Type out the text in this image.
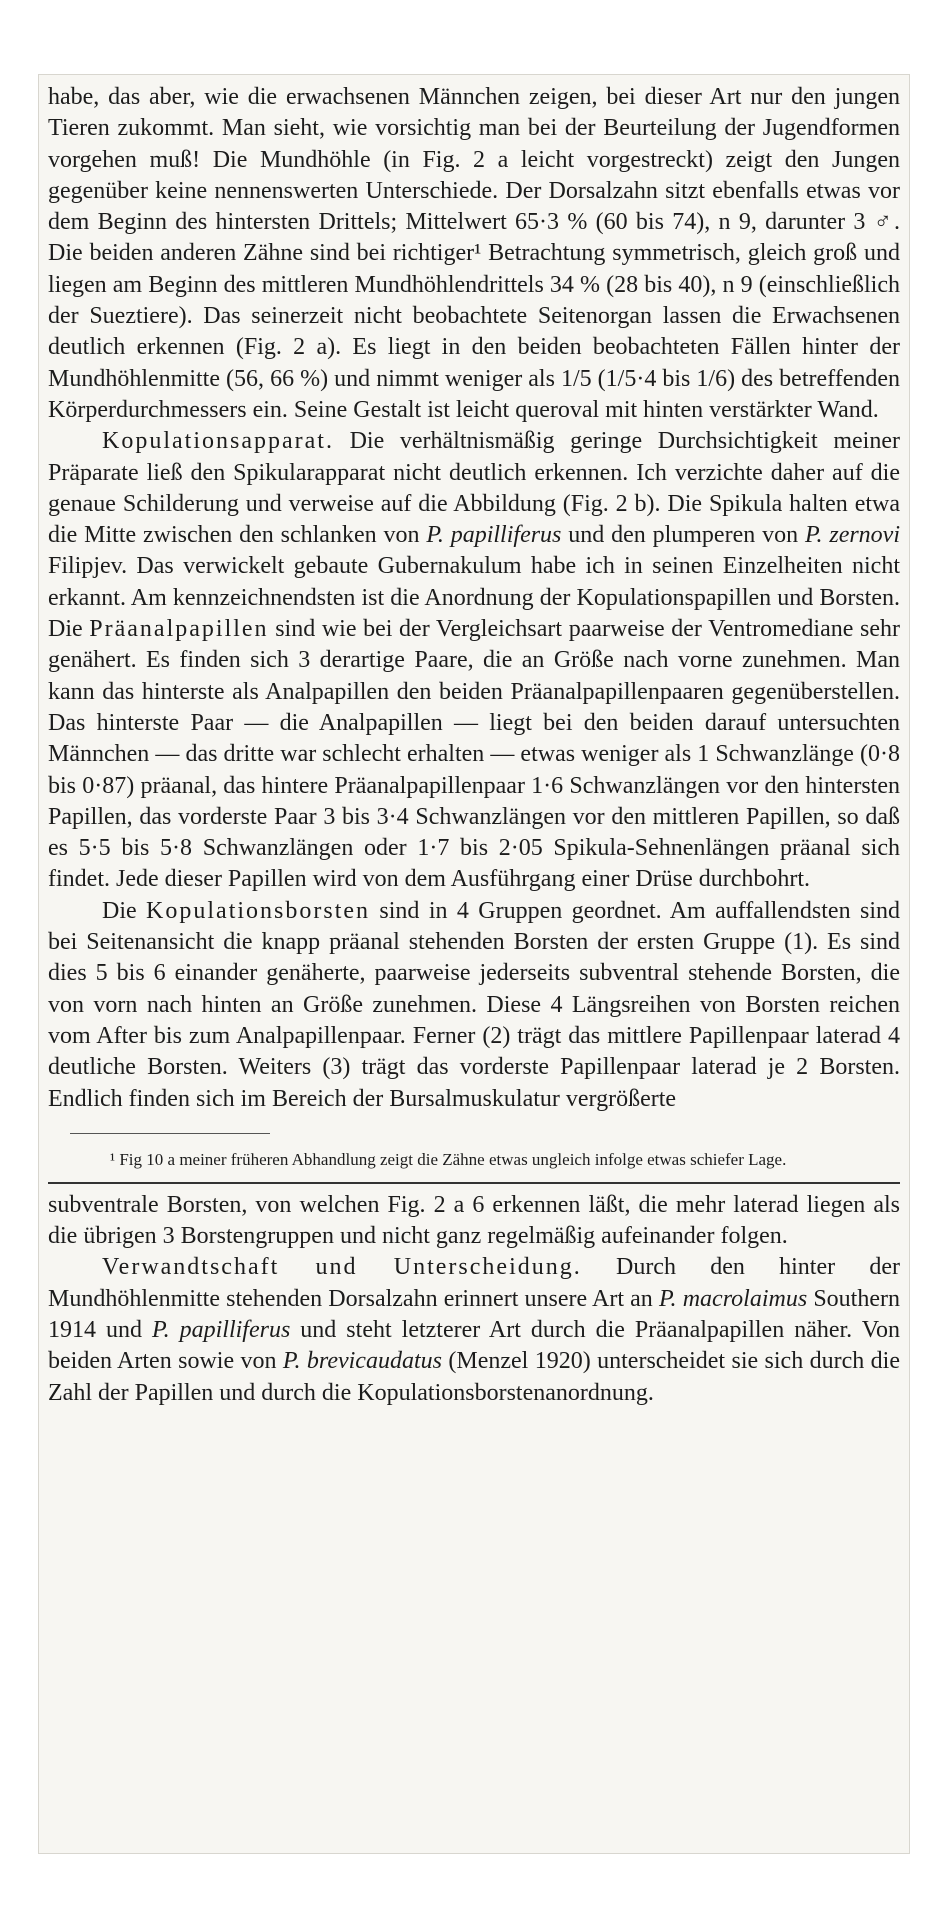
habe, das aber, wie die erwachsenen Männchen zeigen, bei dieser Art nur den jungen Tieren zukommt. Man sieht, wie vorsichtig man bei der Beurteilung der Jugendformen vorgehen muß! Die Mundhöhle (in Fig. 2 a leicht vorgestreckt) zeigt den Jungen gegenüber keine nennenswerten Unterschiede. Der Dorsalzahn sitzt ebenfalls etwas vor dem Beginn des hintersten Drittels; Mittelwert 65·3 % (60 bis 74), n 9, darunter 3 ♂. Die beiden anderen Zähne sind bei richtiger¹ Betrachtung symmetrisch, gleich groß und liegen am Beginn des mittleren Mundhöhlendrittels 34 % (28 bis 40), n 9 (einschließlich der Sueztiere). Das seinerzeit nicht beobachtete Seitenorgan lassen die Erwachsenen deutlich erkennen (Fig. 2 a). Es liegt in den beiden beobachteten Fällen hinter der Mundhöhlenmitte (56, 66 %) und nimmt weniger als 1/5 (1/5·4 bis 1/6) des betreffenden Körperdurchmessers ein. Seine Gestalt ist leicht queroval mit hinten verstärkter Wand.

Kopulationsapparat. Die verhältnismäßig geringe Durchsichtigkeit meiner Präparate ließ den Spikularapparat nicht deutlich erkennen. Ich verzichte daher auf die genaue Schilderung und verweise auf die Abbildung (Fig. 2 b). Die Spikula halten etwa die Mitte zwischen den schlanken von P. papilliferus und den plumperen von P. zernovi Filipjev. Das verwickelt gebaute Gubernakulum habe ich in seinen Einzelheiten nicht erkannt. Am kennzeichnendsten ist die Anordnung der Kopulationspapillen und Borsten. Die Präanalpapillen sind wie bei der Vergleichsart paarweise der Ventromediane sehr genähert. Es finden sich 3 derartige Paare, die an Größe nach vorne zunehmen. Man kann das hinterste als Analpapillen den beiden Präanalpapillenpaaren gegenüberstellen. Das hinterste Paar — die Analpapillen — liegt bei den beiden darauf untersuchten Männchen — das dritte war schlecht erhalten — etwas weniger als 1 Schwanzlänge (0·8 bis 0·87) präanal, das hintere Präanalpapillenpaar 1·6 Schwanzlängen vor den hintersten Papillen, das vorderste Paar 3 bis 3·4 Schwanzlängen vor den mittleren Papillen, so daß es 5·5 bis 5·8 Schwanzlängen oder 1·7 bis 2·05 Spikula-Sehnenlängen präanal sich findet. Jede dieser Papillen wird von dem Ausführgang einer Drüse durchbohrt.

Die Kopulationsborsten sind in 4 Gruppen geordnet. Am auffallendsten sind bei Seitenansicht die knapp präanal stehenden Borsten der ersten Gruppe (1). Es sind dies 5 bis 6 einander genäherte, paarweise jederseits subventral stehende Borsten, die von vorn nach hinten an Größe zunehmen. Diese 4 Längsreihen von Borsten reichen vom After bis zum Analpapillenpaar. Ferner (2) trägt das mittlere Papillenpaar laterad 4 deutliche Borsten. Weiters (3) trägt das vorderste Papillenpaar laterad je 2 Borsten. Endlich finden sich im Bereich der Bursalmuskulatur vergrößerte

¹ Fig 10 a meiner früheren Abhandlung zeigt die Zähne etwas ungleich infolge etwas schiefer Lage.

subventrale Borsten, von welchen Fig. 2 a 6 erkennen läßt, die mehr laterad liegen als die übrigen 3 Borstengruppen und nicht ganz regelmäßig aufeinander folgen.

Verwandtschaft und Unterscheidung. Durch den hinter der Mundhöhlenmitte stehenden Dorsalzahn erinnert unsere Art an P. macrolaimus Southern 1914 und P. papilliferus und steht letzterer Art durch die Präanalpapillen näher. Von beiden Arten sowie von P. brevicaudatus (Menzel 1920) unterscheidet sie sich durch die Zahl der Papillen und durch die Kopulationsborstenanordnung.
